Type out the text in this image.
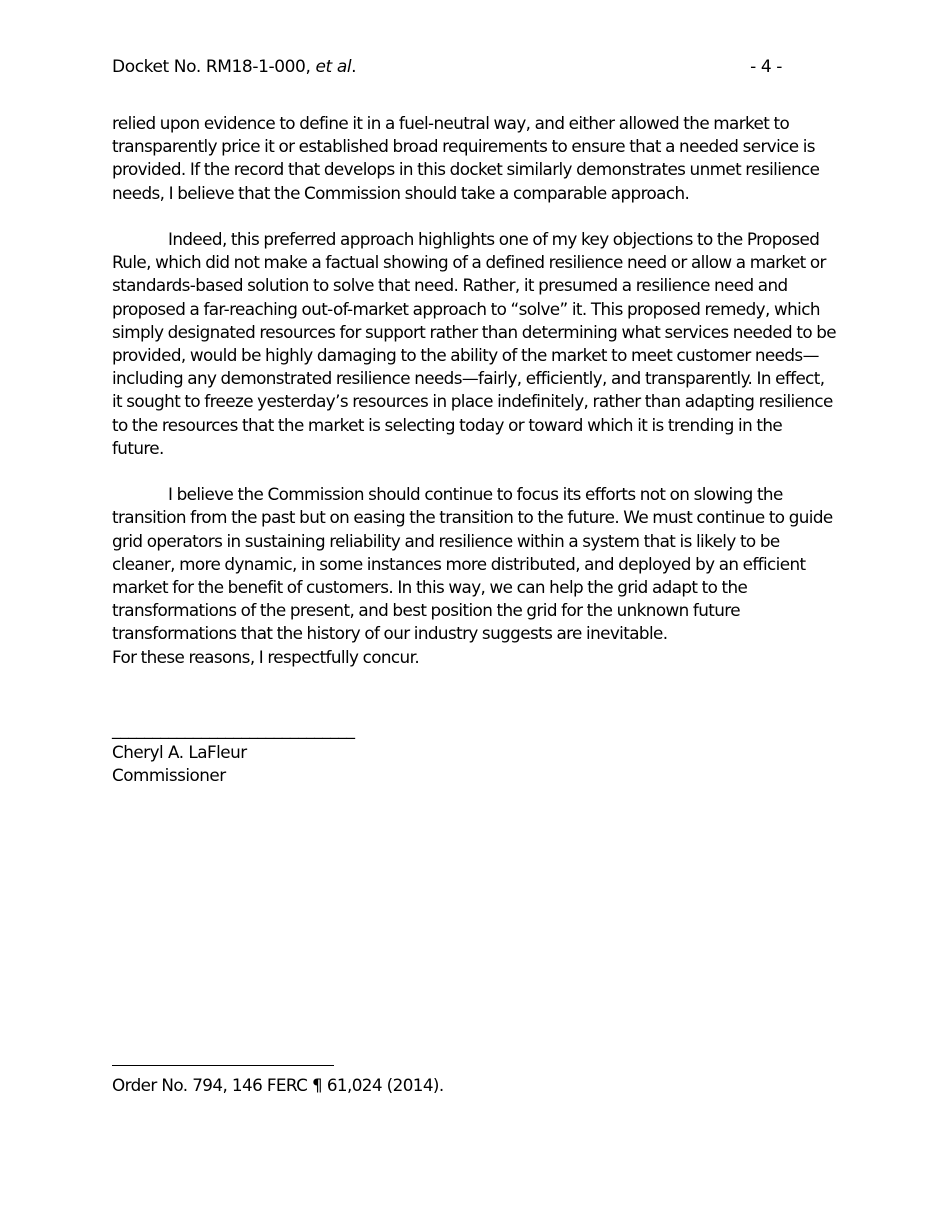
Docket No. RM18-1-000, et al.	- 4 -

relied upon evidence to define it in a fuel-neutral way, and either allowed the market to transparently price it or established broad requirements to ensure that a needed service is provided. If the record that develops in this docket similarly demonstrates unmet resilience needs, I believe that the Commission should take a comparable approach.

Indeed, this preferred approach highlights one of my key objections to the Proposed Rule, which did not make a factual showing of a defined resilience need or allow a market or standards-based solution to solve that need. Rather, it presumed a resilience need and proposed a far-reaching out-of-market approach to “solve” it. This proposed remedy, which simply designated resources for support rather than determining what services needed to be provided, would be highly damaging to the ability of the market to meet customer needs—including any demonstrated resilience needs—fairly, efficiently, and transparently. In effect, it sought to freeze yesterday’s resources in place indefinitely, rather than adapting resilience to the resources that the market is selecting today or toward which it is trending in the future.

I believe the Commission should continue to focus its efforts not on slowing the transition from the past but on easing the transition to the future. We must continue to guide grid operators in sustaining reliability and resilience within a system that is likely to be cleaner, more dynamic, in some instances more distributed, and deployed by an efficient market for the benefit of customers. In this way, we can help the grid adapt to the transformations of the present, and best position the grid for the unknown future transformations that the history of our industry suggests are inevitable.

For these reasons, I respectfully concur.

______________________________
Cheryl A. LaFleur
Commissioner
Order No. 794, 146 FERC ¶ 61,024 (2014).
